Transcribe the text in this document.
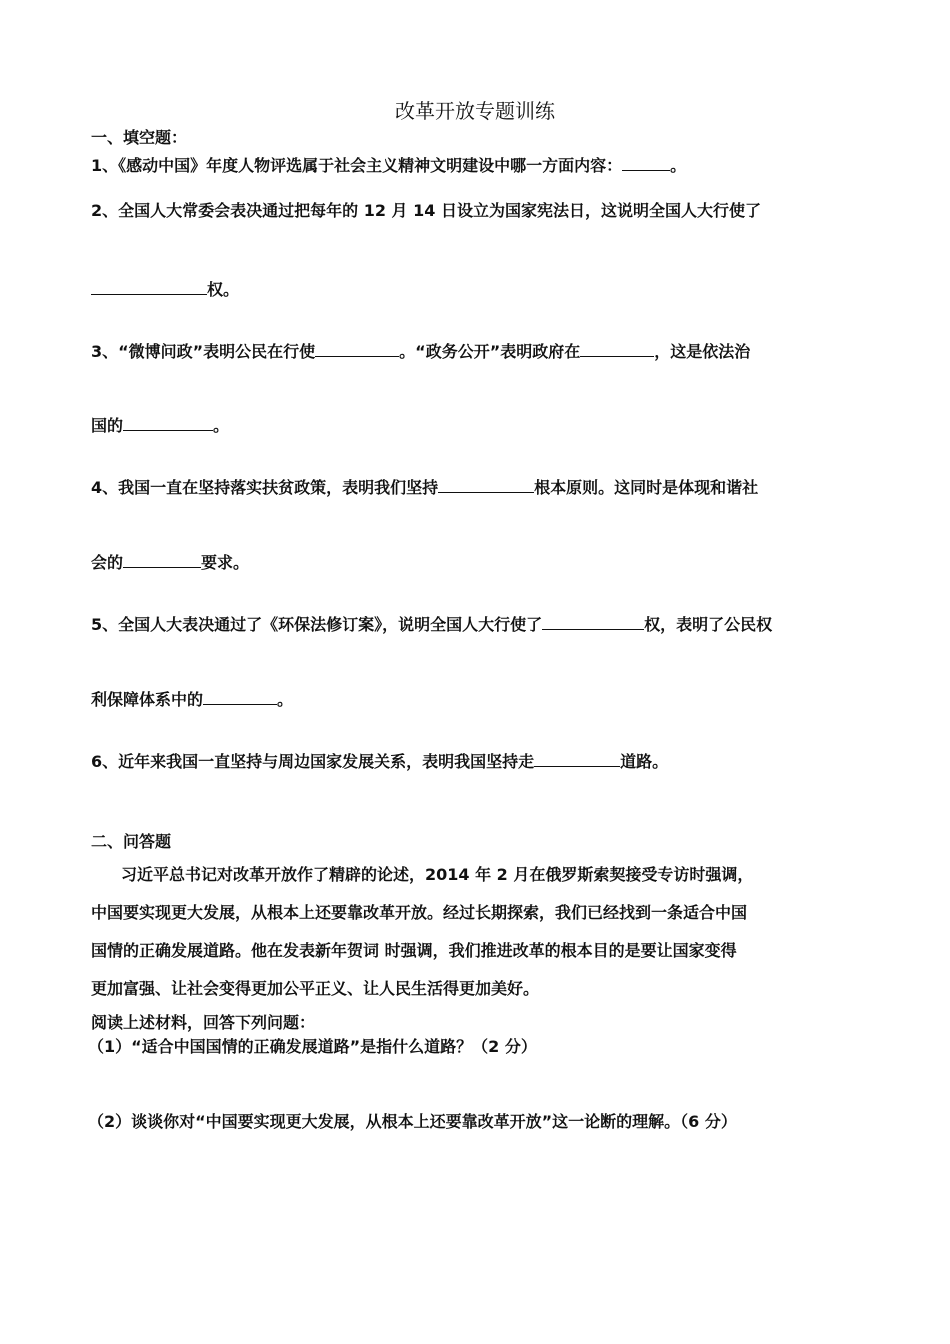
改革开放专题训练
一、填空题：
1、《感动中国》年度人物评选属于社会主义精神文明建设中哪一方面内容：	。
2、全国人大常委会表决通过把每年的 12 月 14 日设立为国家宪法日，这说明全国人大行使了
权。
3、“微博问政”表明公民在行使	。“政务公开”表明政府在	，这是依法治
国的	。
4、我国一直在坚持落实扶贫政策，表明我们坚持	根本原则。这同时是体现和谐社
会的	要求。
5、全国人大表决通过了《环保法修订案》，说明全国人大行使了	权，表明了公民权
利保障体系中的	。
6、近年来我国一直坚持与周边国家发展关系，表明我国坚持走	道路。
二、问答题
习近平总书记对改革开放作了精辟的论述，2014 年 2 月在俄罗斯索契接受专访时强调，
中国要实现更大发展，从根本上还要靠改革开放。经过长期探索，我们已经找到一条适合中国
国情的正确发展道路。他在发表新年贺词 时强调，我们推进改革的根本目的是要让国家变得
更加富强、让社会变得更加公平正义、让人民生活得更加美好。
阅读上述材料，回答下列问题：
（1）“适合中国国情的正确发展道路”是指什么道路？（2 分）
（2）谈谈你对“中国要实现更大发展，从根本上还要靠改革开放”这一论断的理解。（6 分）
